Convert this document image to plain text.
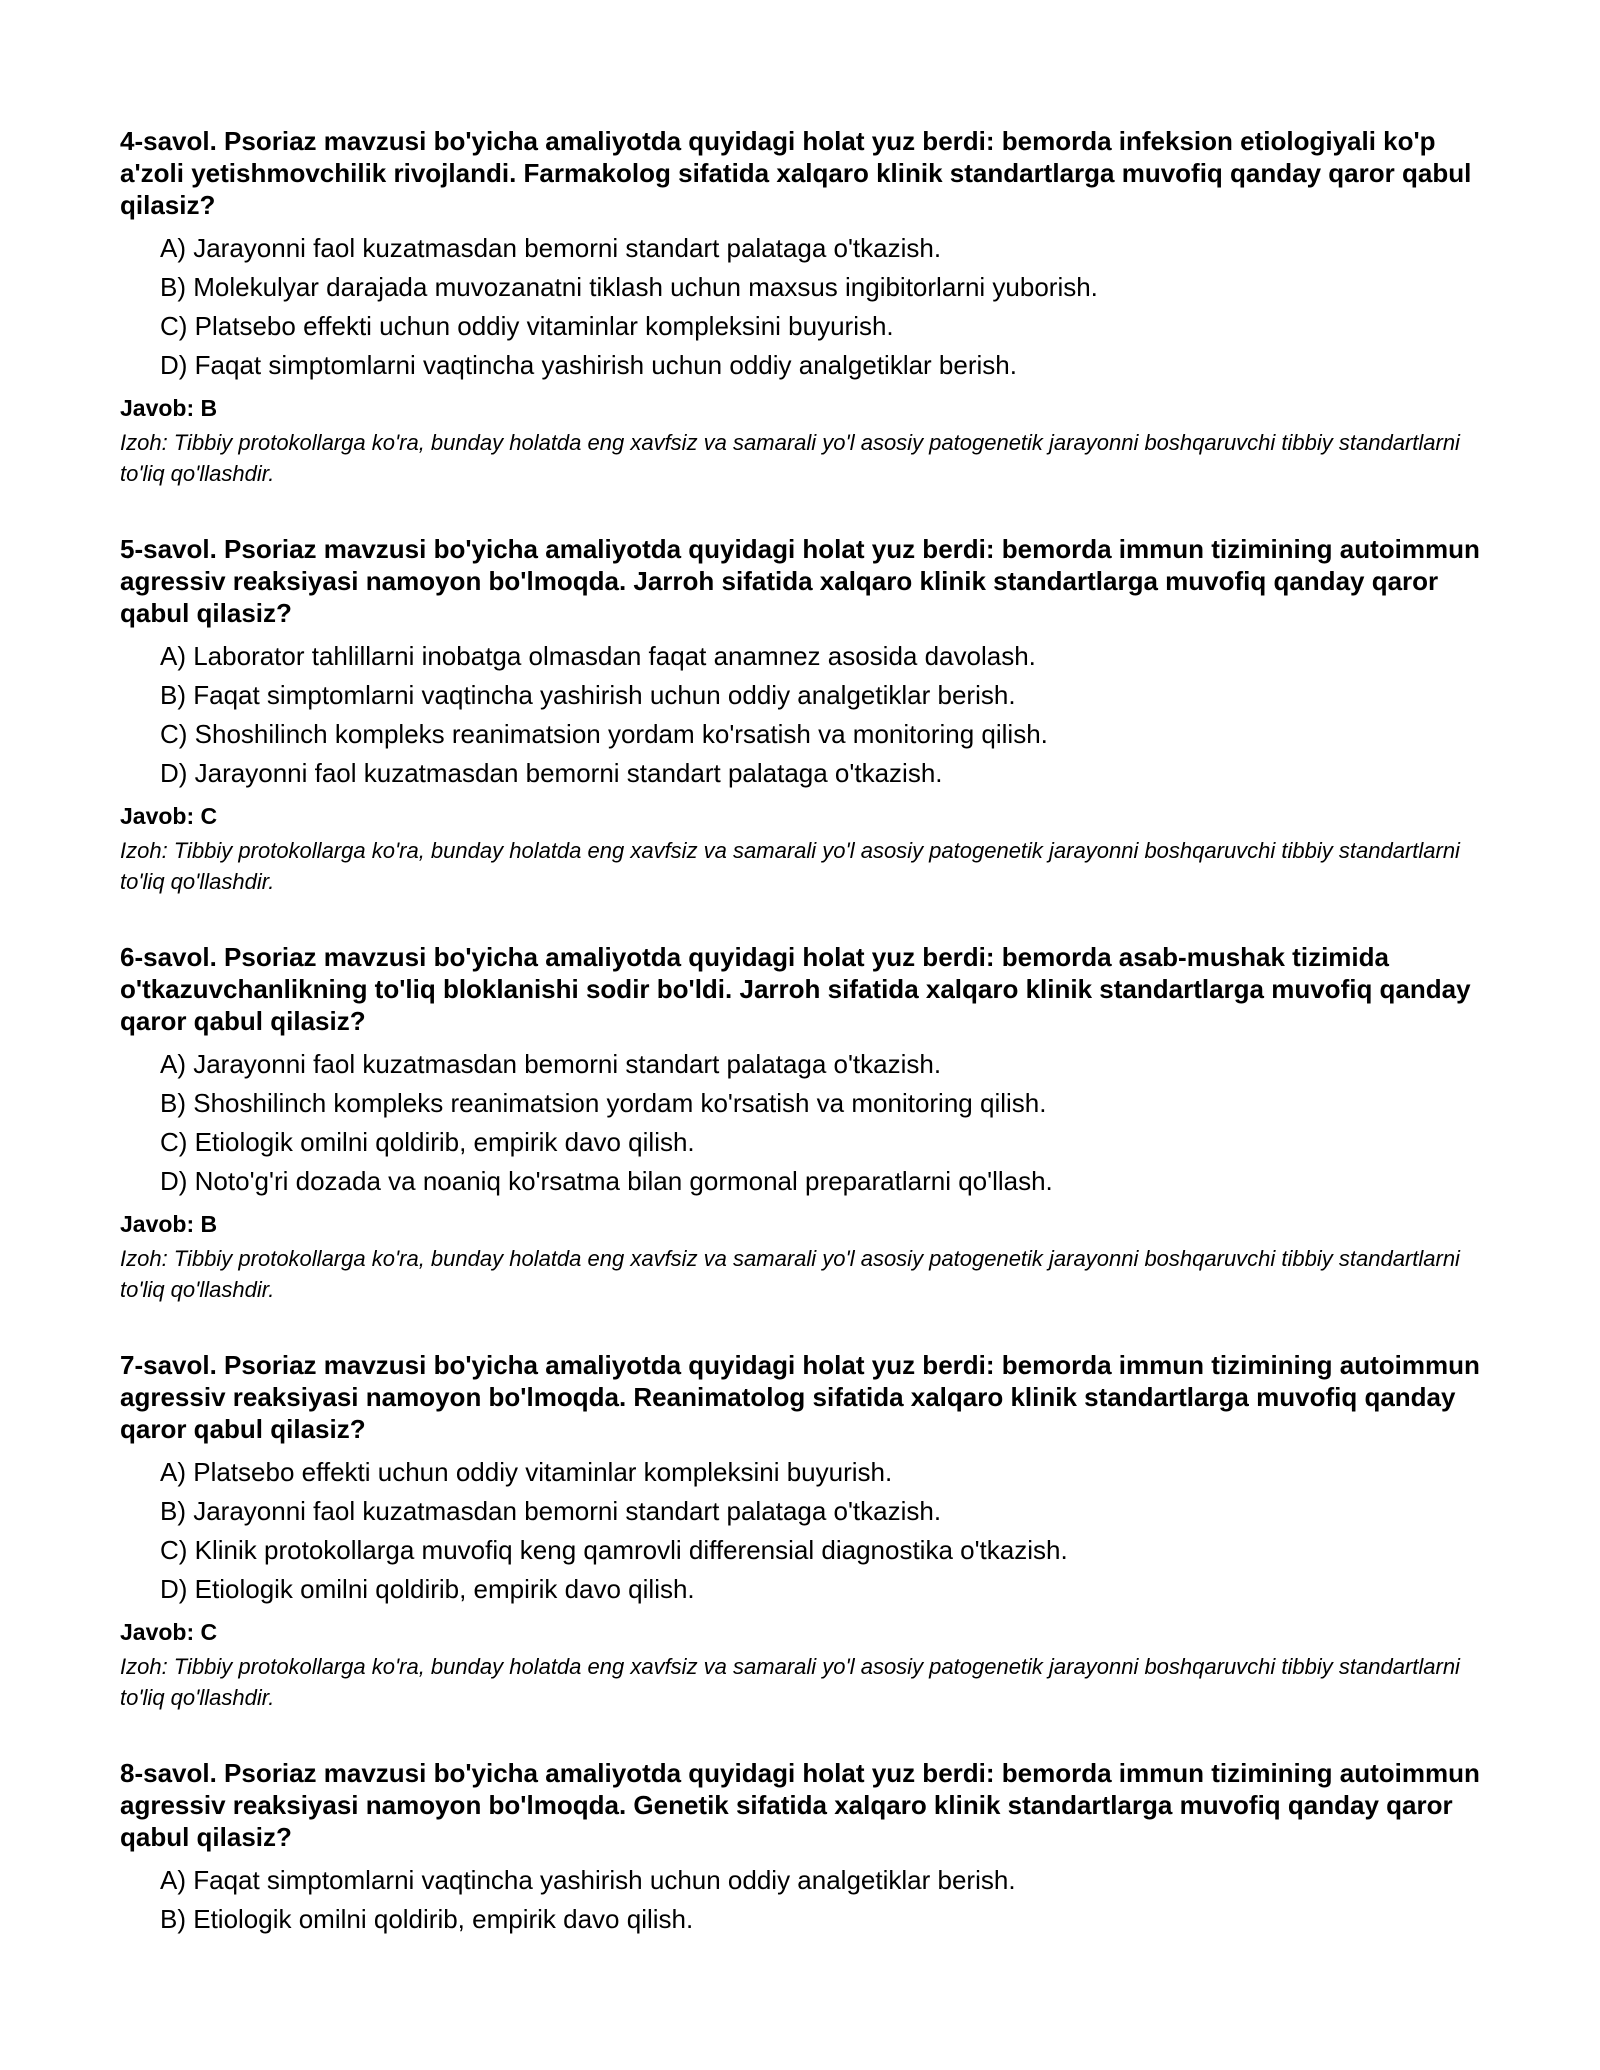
4-savol. Psoriaz mavzusi bo'yicha amaliyotda quyidagi holat yuz berdi: bemorda infeksion etiologiyali ko'p a'zoli yetishmovchilik rivojlandi. Farmakolog sifatida xalqaro klinik standartlarga muvofiq qanday qaror qabul qilasiz?

A) Jarayonni faol kuzatmasdan bemorni standart palataga o'tkazish.
B) Molekulyar darajada muvozanatni tiklash uchun maxsus ingibitorlarni yuborish.
C) Platsebo effekti uchun oddiy vitaminlar kompleksini buyurish.
D) Faqat simptomlarni vaqtincha yashirish uchun oddiy analgetiklar berish.
Javob: B
Izoh: Tibbiy protokollarga ko'ra, bunday holatda eng xavfsiz va samarali yo'l asosiy patogenetik jarayonni boshqaruvchi tibbiy standartlarni to'liq qo'llashdir.

5-savol. Psoriaz mavzusi bo'yicha amaliyotda quyidagi holat yuz berdi: bemorda immun tizimining autoimmun agressiv reaksiyasi namoyon bo'lmoqda. Jarroh sifatida xalqaro klinik standartlarga muvofiq qanday qaror qabul qilasiz?

A) Laborator tahlillarni inobatga olmasdan faqat anamnez asosida davolash.
B) Faqat simptomlarni vaqtincha yashirish uchun oddiy analgetiklar berish.
C) Shoshilinch kompleks reanimatsion yordam ko'rsatish va monitoring qilish.
D) Jarayonni faol kuzatmasdan bemorni standart palataga o'tkazish.
Javob: C
Izoh: Tibbiy protokollarga ko'ra, bunday holatda eng xavfsiz va samarali yo'l asosiy patogenetik jarayonni boshqaruvchi tibbiy standartlarni to'liq qo'llashdir.

6-savol. Psoriaz mavzusi bo'yicha amaliyotda quyidagi holat yuz berdi: bemorda asab-mushak tizimida o'tkazuvchanlikning to'liq bloklanishi sodir bo'ldi. Jarroh sifatida xalqaro klinik standartlarga muvofiq qanday qaror qabul qilasiz?

A) Jarayonni faol kuzatmasdan bemorni standart palataga o'tkazish.
B) Shoshilinch kompleks reanimatsion yordam ko'rsatish va monitoring qilish.
C) Etiologik omilni qoldirib, empirik davo qilish.
D) Noto'g'ri dozada va noaniq ko'rsatma bilan gormonal preparatlarni qo'llash.
Javob: B
Izoh: Tibbiy protokollarga ko'ra, bunday holatda eng xavfsiz va samarali yo'l asosiy patogenetik jarayonni boshqaruvchi tibbiy standartlarni to'liq qo'llashdir.

7-savol. Psoriaz mavzusi bo'yicha amaliyotda quyidagi holat yuz berdi: bemorda immun tizimining autoimmun agressiv reaksiyasi namoyon bo'lmoqda. Reanimatolog sifatida xalqaro klinik standartlarga muvofiq qanday qaror qabul qilasiz?

A) Platsebo effekti uchun oddiy vitaminlar kompleksini buyurish.
B) Jarayonni faol kuzatmasdan bemorni standart palataga o'tkazish.
C) Klinik protokollarga muvofiq keng qamrovli differensial diagnostika o'tkazish.
D) Etiologik omilni qoldirib, empirik davo qilish.
Javob: C
Izoh: Tibbiy protokollarga ko'ra, bunday holatda eng xavfsiz va samarali yo'l asosiy patogenetik jarayonni boshqaruvchi tibbiy standartlarni to'liq qo'llashdir.

8-savol. Psoriaz mavzusi bo'yicha amaliyotda quyidagi holat yuz berdi: bemorda immun tizimining autoimmun agressiv reaksiyasi namoyon bo'lmoqda. Genetik sifatida xalqaro klinik standartlarga muvofiq qanday qaror qabul qilasiz?

A) Faqat simptomlarni vaqtincha yashirish uchun oddiy analgetiklar berish.
B) Etiologik omilni qoldirib, empirik davo qilish.
